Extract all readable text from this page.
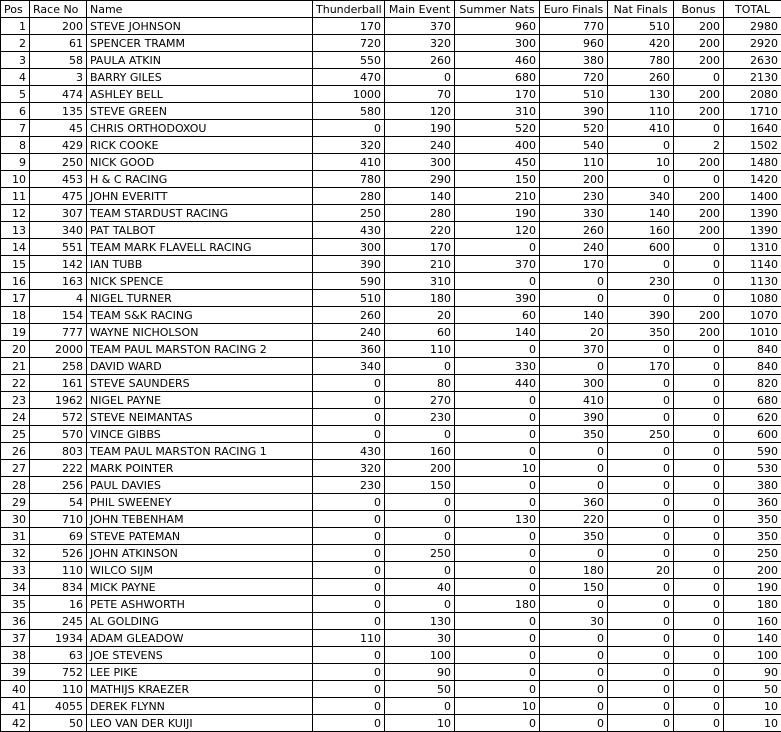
Pos	Race No	Name	Thunderball	Main Event	Summer Nats	Euro Finals	Nat Finals	Bonus	TOTAL
1	200	STEVE JOHNSON	170	370	960	770	510	200	2980
2	61	SPENCER TRAMM	720	320	300	960	420	200	2920
3	58	PAULA ATKIN	550	260	460	380	780	200	2630
4	3	BARRY GILES	470	0	680	720	260	0	2130
5	474	ASHLEY BELL	1000	70	170	510	130	200	2080
6	135	STEVE GREEN	580	120	310	390	110	200	1710
7	45	CHRIS ORTHODOXOU	0	190	520	520	410	0	1640
8	429	RICK COOKE	320	240	400	540	0	2	1502
9	250	NICK GOOD	410	300	450	110	10	200	1480
10	453	H & C RACING	780	290	150	200	0	0	1420
11	475	JOHN EVERITT	280	140	210	230	340	200	1400
12	307	TEAM STARDUST RACING	250	280	190	330	140	200	1390
13	340	PAT TALBOT	430	220	120	260	160	200	1390
14	551	TEAM MARK FLAVELL RACING	300	170	0	240	600	0	1310
15	142	IAN TUBB	390	210	370	170	0	0	1140
16	163	NICK SPENCE	590	310	0	0	230	0	1130
17	4	NIGEL TURNER	510	180	390	0	0	0	1080
18	154	TEAM S&K RACING	260	20	60	140	390	200	1070
19	777	WAYNE NICHOLSON	240	60	140	20	350	200	1010
20	2000	TEAM PAUL MARSTON RACING 2	360	110	0	370	0	0	840
21	258	DAVID WARD	340	0	330	0	170	0	840
22	161	STEVE SAUNDERS	0	80	440	300	0	0	820
23	1962	NIGEL PAYNE	0	270	0	410	0	0	680
24	572	STEVE NEIMANTAS	0	230	0	390	0	0	620
25	570	VINCE GIBBS	0	0	0	350	250	0	600
26	803	TEAM PAUL MARSTON RACING 1	430	160	0	0	0	0	590
27	222	MARK POINTER	320	200	10	0	0	0	530
28	256	PAUL DAVIES	230	150	0	0	0	0	380
29	54	PHIL SWEENEY	0	0	0	360	0	0	360
30	710	JOHN TEBENHAM	0	0	130	220	0	0	350
31	69	STEVE PATEMAN	0	0	0	350	0	0	350
32	526	JOHN ATKINSON	0	250	0	0	0	0	250
33	110	WILCO SIJM	0	0	0	180	20	0	200
34	834	MICK PAYNE	0	40	0	150	0	0	190
35	16	PETE ASHWORTH	0	0	180	0	0	0	180
36	245	AL GOLDING	0	130	0	30	0	0	160
37	1934	ADAM GLEADOW	110	30	0	0	0	0	140
38	63	JOE STEVENS	0	100	0	0	0	0	100
39	752	LEE PIKE	0	90	0	0	0	0	90
40	110	MATHIJS KRAEZER	0	50	0	0	0	0	50
41	4055	DEREK FLYNN	0	0	10	0	0	0	10
42	50	LEO VAN DER KUIJI	0	10	0	0	0	0	10
